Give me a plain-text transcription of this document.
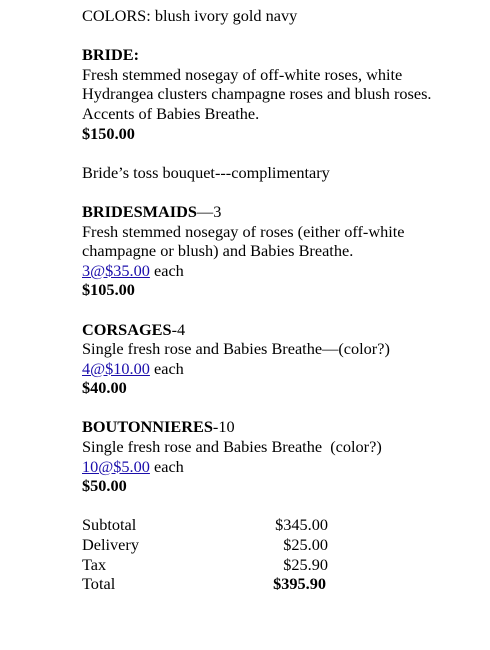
COLORS: blush ivory gold navy
BRIDE:
Fresh stemmed nosegay of off-white roses, white
Hydrangea clusters champagne roses and blush roses.
Accents of Babies Breathe.
$150.00
Bride’s toss bouquet---complimentary
BRIDESMAIDS—3
Fresh stemmed nosegay of roses (either off-white
champagne or blush) and Babies Breathe.
3@$35.00 each
$105.00
CORSAGES-4
Single fresh rose and Babies Breathe—(color?)
4@$10.00 each
$40.00
BOUTONNIERES-10
Single fresh rose and Babies Breathe  (color?)
10@$5.00 each
$50.00
Subtotal	$345.00
Delivery	$25.00
Tax	$25.90
Total	$395.90
